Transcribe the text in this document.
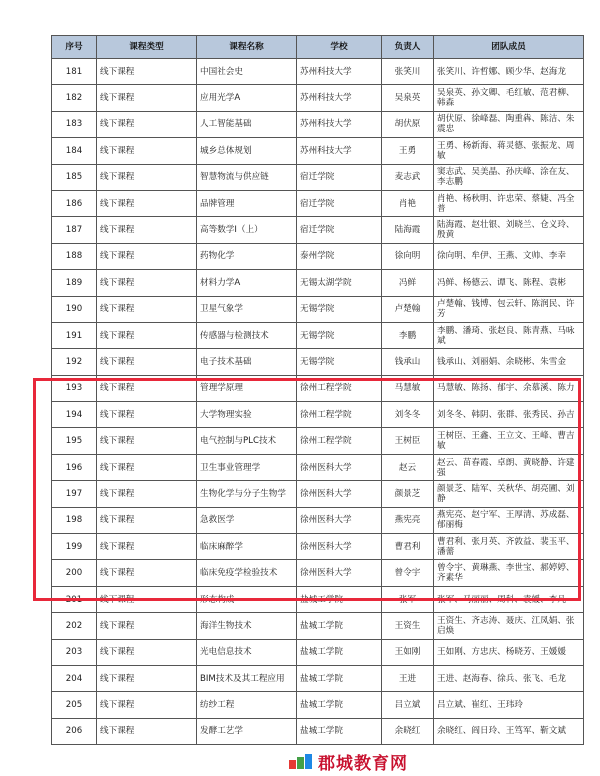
序号	课程类型	课程名称	学校	负责人	团队成员
181	线下课程	中国社会史	苏州科技大学	张笑川	张笑川、许哲娜、顾少华、赵海龙
182	线下课程	应用光学A	苏州科技大学	吴泉英	吴泉英、孙文卿、毛红敏、范君柳、韩森
183	线下课程	人工智能基础	苏州科技大学	胡伏原	胡伏原、徐峰磊、陶重犇、陈洁、朱震忠
184	线下课程	城乡总体规划	苏州科技大学	王勇	王勇、杨新海、蒋灵德、张振龙、周敏
185	线下课程	智慧物流与供应链	宿迁学院	麦志武	窦志武、吴美晶、孙庆峰、涂在友、李志鹏
186	线下课程	品牌管理	宿迁学院	肖艳	肖艳、杨秋明、许忠荣、蔡婕、冯全普
187	线下课程	高等数学I（上）	宿迁学院	陆海霞	陆海霞、赵壮银、刘晓兰、仓义玲、殷黄
188	线下课程	药物化学	泰州学院	徐向明	徐向明、牟伊、王燕、文帅、李幸
189	线下课程	材料力学A	无锡太湖学院	冯鲜	冯鲜、杨德云、谭飞、陈程、袁彬
190	线下课程	卫星气象学	无锡学院	卢楚翰	卢楚翰、钱博、包云轩、陈润民、许芳
191	线下课程	传感器与检测技术	无锡学院	李鹏	李鹏、潘琦、张赵良、陈青燕、马咏斌
192	线下课程	电子技术基础	无锡学院	钱承山	钱承山、刘丽娟、余晓彬、朱雪金
193	线下课程	管理学原理	徐州工程学院	马慧敏	马慧敏、陈扬、郁宇、余慕溪、陈力
194	线下课程	大学物理实验	徐州工程学院	刘冬冬	刘冬冬、韩阴、张群、张秀民、孙吉
195	线下课程	电气控制与PLC技术	徐州工程学院	王树臣	王树臣、王鑫、王立文、王峰、曹吉敏
196	线下课程	卫生事业管理学	徐州医科大学	赵云	赵云、苗春霞、卓朗、黄晓静、许建强
197	线下课程	生物化学与分子生物学	徐州医科大学	颜景芝	颜景芝、陆军、关秋华、胡亮圃、刘静
198	线下课程	急救医学	徐州医科大学	燕宪亮	燕宪亮、赵宁军、王厚清、苏成磊、郁丽梅
199	线下课程	临床麻醉学	徐州医科大学	曹君利	曹君利、张月英、齐敦益、裴玉平、潘薷
200	线下课程	临床免疫学检验技术	徐州医科大学	曾令宇	曾令宇、黄琳燕、李世宝、郝婷婷、齐素华
201	线下课程	形态构成	盐城工学院	张军	张军、马丽丽、周科、袁媛、李凡
202	线下课程	海洋生物技术	盐城工学院	王资生	王资生、齐志涛、聂庆、江凤娟、张启焕
203	线下课程	光电信息技术	盐城工学院	王如刚	王如刚、方忠庆、杨晓芳、王媛媛
204	线下课程	BIM技术及其工程应用	盐城工学院	王进	王进、赵海春、徐兵、张飞、毛龙
205	线下课程	纺纱工程	盐城工学院	吕立斌	吕立斌、崔红、王玮玲
206	线下课程	发酵工艺学	盐城工学院	余晓红	余晓红、阎日玲、王笃军、靳文斌
郡城教育网
